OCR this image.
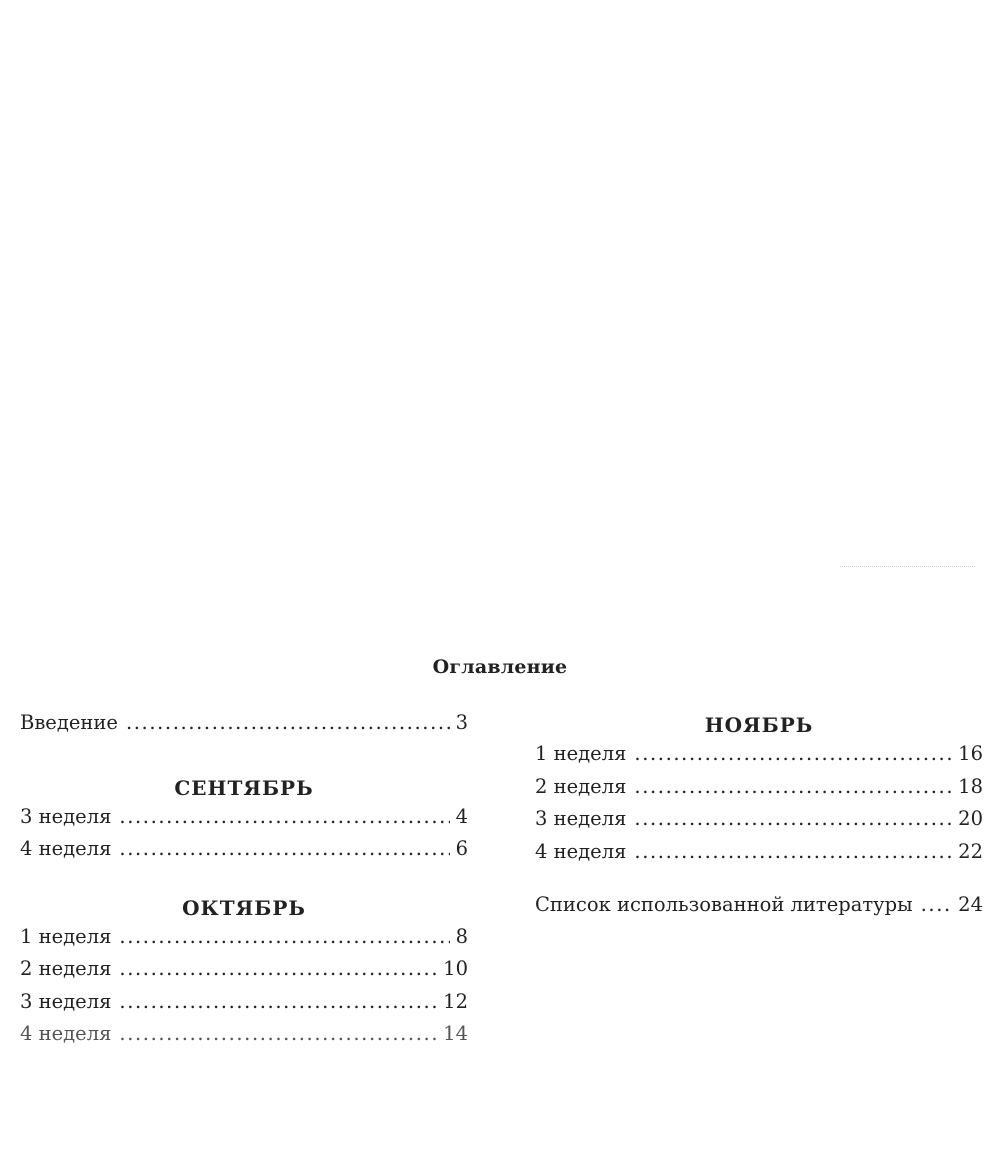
Оглавление
Введение .....	3
СЕНТЯБРЬ
3 неделя .....	4
4 неделя .....	6
ОКТЯБРЬ
1 неделя .....	8
2 неделя .....	10
3 неделя .....	12
4 неделя .....	14
НОЯБРЬ
1 неделя .....	16
2 неделя .....	18
3 неделя .....	20
4 неделя .....	22
Список использованной литературы .....	24
